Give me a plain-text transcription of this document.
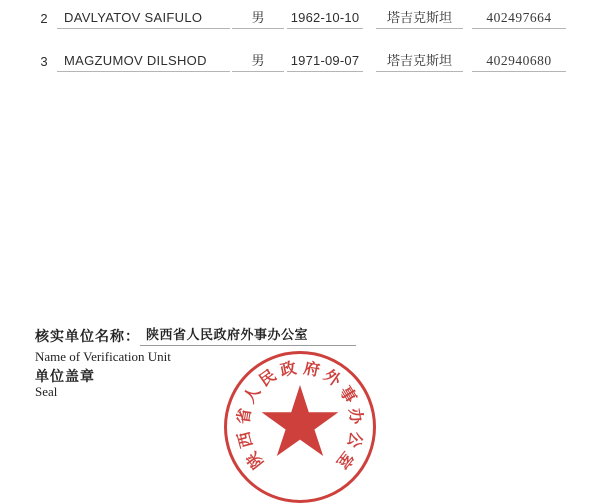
2	DAVLYATOV SAIFULO	男	1962-10-10	塔吉克斯坦	402497664
3	MAGZUMOV DILSHOD	男	1971-09-07	塔吉克斯坦	402940680
核实单位名称： 陕西省人民政府外事办公室
Name of Verification Unit
单位盖章
Seal
陕
西
省
人
民 政 府 外
事
办
公
室
